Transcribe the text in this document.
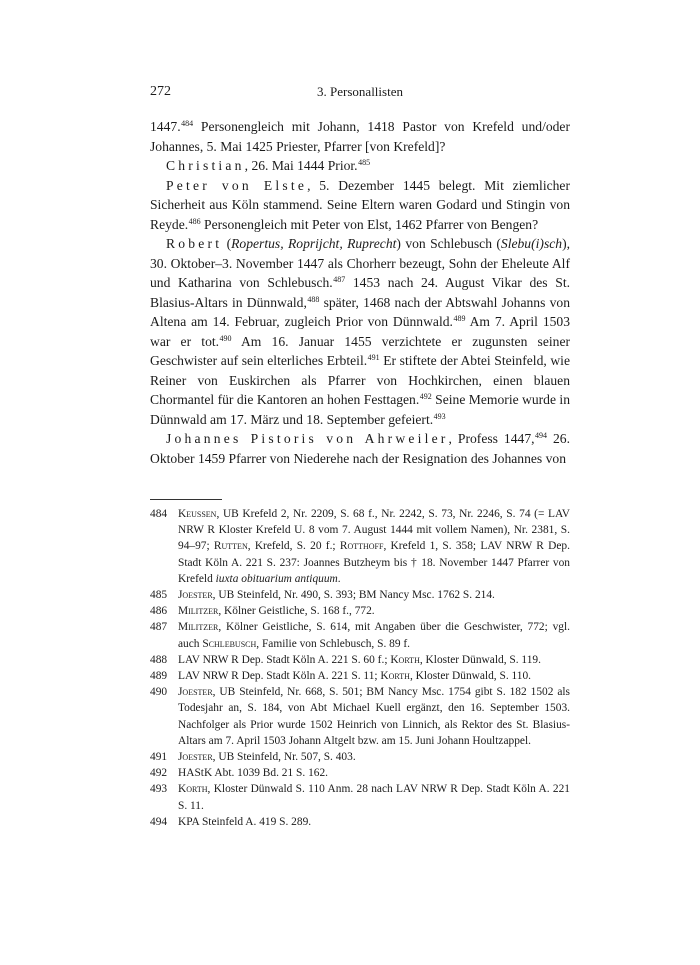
272	3. Personallisten

1447.$^{484}$ Personengleich mit Johann, 1418 Pastor von Krefeld und/oder Johannes, 5. Mai 1425 Priester, Pfarrer [von Krefeld]?

Christian, 26. Mai 1444 Prior.$^{485}$

Peter von Elste, 5. Dezember 1445 belegt. Mit ziemlicher Sicherheit aus Köln stammend. Seine Eltern waren Godard und Stingin von Reyde.$^{486}$ Personengleich mit Peter von Elst, 1462 Pfarrer von Bengen?

Robert (Ropertus, Roprijcht, Ruprecht) von Schlebusch (Slebu(i)sch), 30. Oktober–3. November 1447 als Chorherr bezeugt, Sohn der Eheleute Alf und Katharina von Schlebusch.$^{487}$ 1453 nach 24. August Vikar des St. Blasius-Altars in Dünnwald,$^{488}$ später, 1468 nach der Abtswahl Johanns von Altena am 14. Februar, zugleich Prior von Dünnwald.$^{489}$ Am 7. April 1503 war er tot.$^{490}$ Am 16. Januar 1455 verzichtete er zugunsten seiner Geschwister auf sein elterliches Erbteil.$^{491}$ Er stiftete der Abtei Steinfeld, wie Reiner von Euskirchen als Pfarrer von Hochkirchen, einen blauen Chormantel für die Kantoren an hohen Festtagen.$^{492}$ Seine Memorie wurde in Dünnwald am 17. März und 18. September gefeiert.$^{493}$

Johannes Pistoris von Ahrweiler, Profess 1447,$^{494}$ 26. Oktober 1459 Pfarrer von Niederehe nach der Resignation des Johannes von

484 Keussen, UB Krefeld 2, Nr. 2209, S. 68 f., Nr. 2242, S. 73, Nr. 2246, S. 74 (= LAV NRW R Kloster Krefeld U. 8 vom 7. August 1444 mit vollem Namen), Nr. 2381, S. 94–97; Rutten, Krefeld, S. 20 f.; Rotthoff, Krefeld 1, S. 358; LAV NRW R Dep. Stadt Köln A. 221 S. 237: Joannes Butzheym bis † 18. November 1447 Pfarrer von Krefeld iuxta obituarium antiquum.
485 Joester, UB Steinfeld, Nr. 490, S. 393; BM Nancy Msc. 1762 S. 214.
486 Militzer, Kölner Geistliche, S. 168 f., 772.
487 Militzer, Kölner Geistliche, S. 614, mit Angaben über die Geschwister, 772; vgl. auch Schlebusch, Familie von Schlebusch, S. 89 f.
488 LAV NRW R Dep. Stadt Köln A. 221 S. 60 f.; Korth, Kloster Dünwald, S. 119.
489 LAV NRW R Dep. Stadt Köln A. 221 S. 11; Korth, Kloster Dünwald, S. 110.
490 Joester, UB Steinfeld, Nr. 668, S. 501; BM Nancy Msc. 1754 gibt S. 182 1502 als Todesjahr an, S. 184, von Abt Michael Kuell ergänzt, den 16. September 1503. Nachfolger als Prior wurde 1502 Heinrich von Linnich, als Rektor des St. Blasius-Altars am 7. April 1503 Johann Altgelt bzw. am 15. Juni Johann Houltzappel.
491 Joester, UB Steinfeld, Nr. 507, S. 403.
492 HAStK Abt. 1039 Bd. 21 S. 162.
493 Korth, Kloster Dünwald S. 110 Anm. 28 nach LAV NRW R Dep. Stadt Köln A. 221 S. 11.
494 KPA Steinfeld A. 419 S. 289.
